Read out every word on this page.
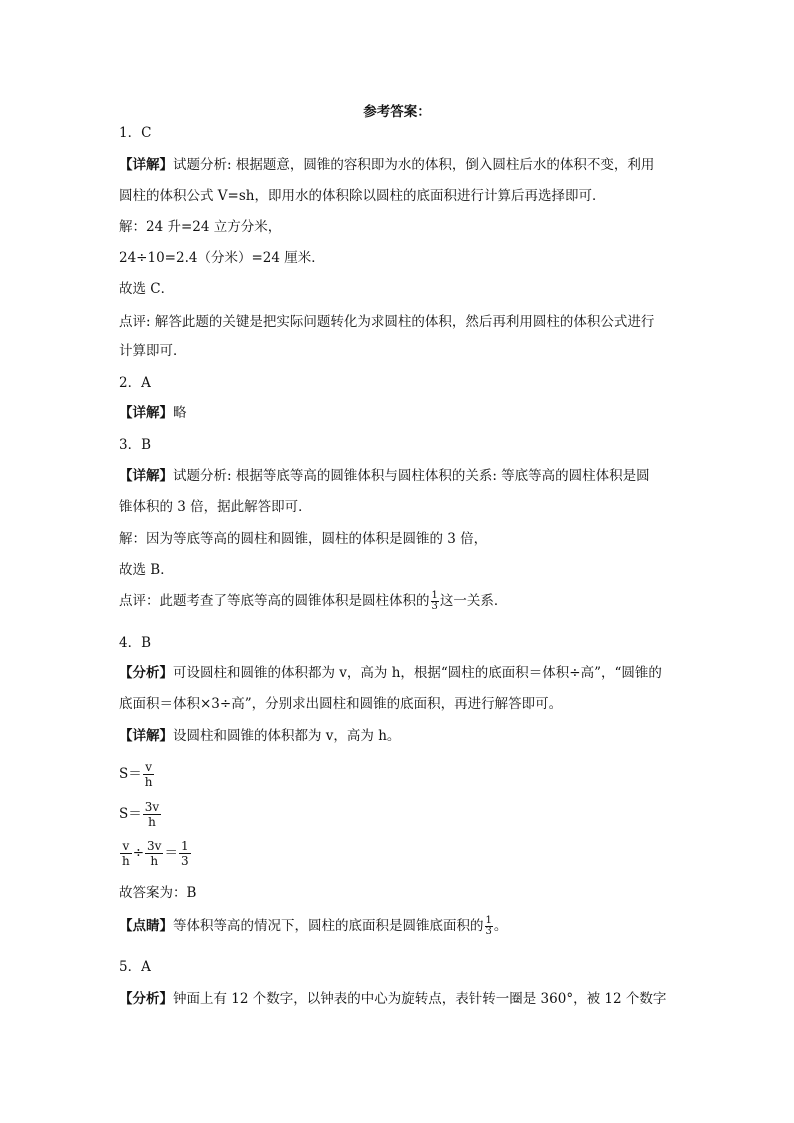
参考答案：
1．C
【详解】试题分析: 根据题意，圆锥的容积即为水的体积，倒入圆柱后水的体积不变，利用
圆柱的体积公式 V=sh，即用水的体积除以圆柱的底面积进行计算后再选择即可．
解：24 升=24 立方分米，
24÷10=2.4（分米）=24 厘米．
故选 C．
点评: 解答此题的关键是把实际问题转化为求圆柱的体积，然后再利用圆柱的体积公式进行
计算即可．
2．A
【详解】略
3．B
【详解】试题分析: 根据等底等高的圆锥体积与圆柱体积的关系: 等底等高的圆柱体积是圆
锥体积的 3 倍，据此解答即可．
解：因为等底等高的圆柱和圆锥，圆柱的体积是圆锥的 3 倍，
故选 B．
点评：此题考查了等底等高的圆锥体积是圆柱体积的 $\frac{1}{3}$ 这一关系．
4．B
【分析】可设圆柱和圆锥的体积都为 v，高为 h，根据“圆柱的底面积＝体积÷高”，“圆锥的
底面积＝体积×3÷高”，分别求出圆柱和圆锥的底面积，再进行解答即可。
【详解】设圆柱和圆锥的体积都为 v，高为 h。
$S= \frac{v}{h}$
$S= \frac{3v}{h}$
$\frac{v}{h} \div \frac{3v}{h} = \frac{1}{3}$
故答案为：B
【点睛】等体积等高的情况下，圆柱的底面积是圆锥底面积的 $\frac{1}{3}$ 。
5．A
【分析】钟面上有 12 个数字，以钟表的中心为旋转点，表针转一圈是 360°，被 12 个数字
